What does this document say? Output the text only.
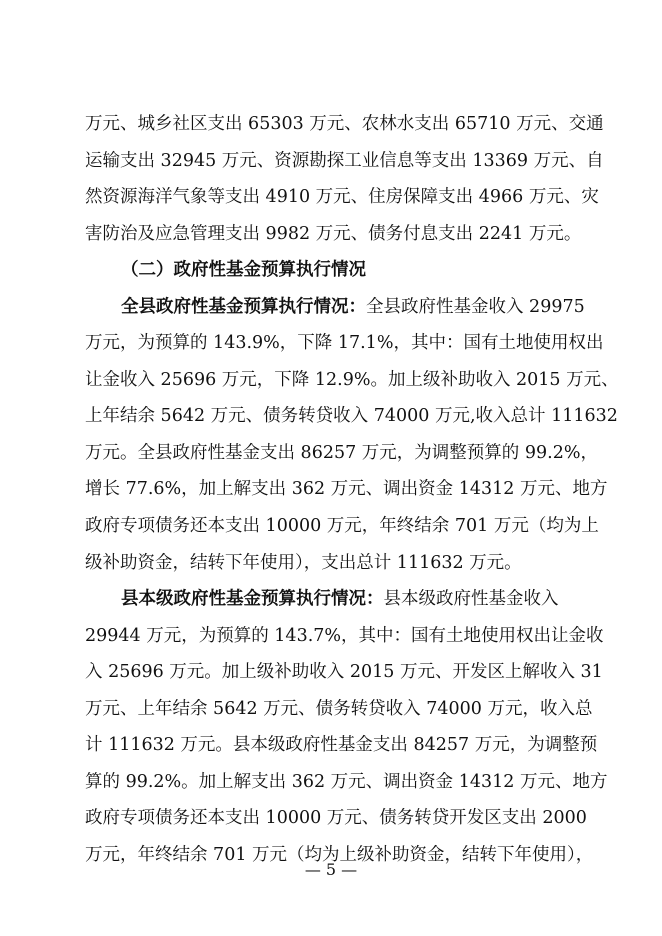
万元、城乡社区支出 65303 万元、农林水支出 65710 万元、交通
运输支出 32945 万元、资源勘探工业信息等支出 13369 万元、自
然资源海洋气象等支出 4910 万元、住房保障支出 4966 万元、灾
害防治及应急管理支出 9982 万元、债务付息支出 2241 万元。
（二）政府性基金预算执行情况
全县政府性基金预算执行情况：全县政府性基金收入 29975
万元，为预算的 143.9%，下降 17.1%，其中：国有土地使用权出
让金收入 25696 万元，下降 12.9%。加上级补助收入 2015 万元、
上年结余 5642 万元、债务转贷收入 74000 万元,收入总计 111632
万元。全县政府性基金支出 86257 万元，为调整预算的 99.2%，
增长 77.6%，加上解支出 362 万元、调出资金 14312 万元、地方
政府专项债务还本支出 10000 万元，年终结余 701 万元（均为上
级补助资金，结转下年使用），支出总计 111632 万元。
县本级政府性基金预算执行情况：县本级政府性基金收入
29944 万元，为预算的 143.7%，其中：国有土地使用权出让金收
入 25696 万元。加上级补助收入 2015 万元、开发区上解收入 31
万元、上年结余 5642 万元、债务转贷收入 74000 万元，收入总
计 111632 万元。县本级政府性基金支出 84257 万元，为调整预
算的 99.2%。加上解支出 362 万元、调出资金 14312 万元、地方
政府专项债务还本支出 10000 万元、债务转贷开发区支出 2000
万元，年终结余 701 万元（均为上级补助资金，结转下年使用），
— 5 —
